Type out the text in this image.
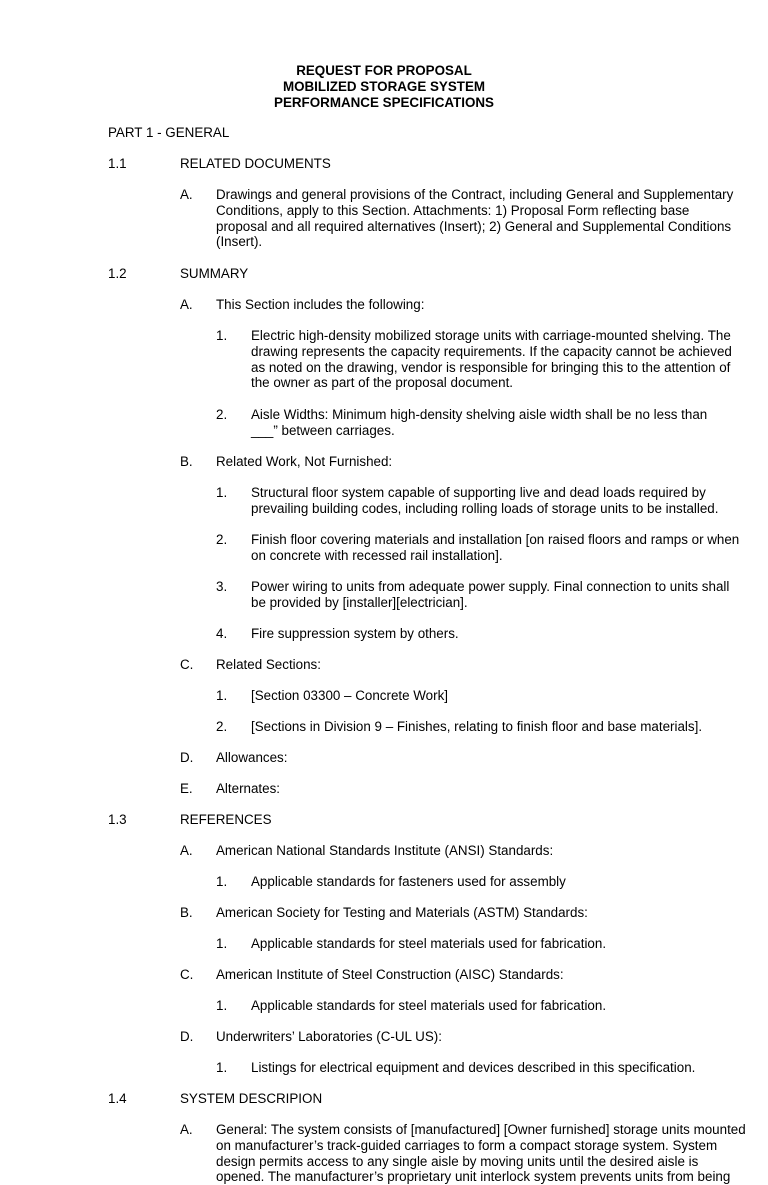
REQUEST FOR PROPOSAL
MOBILIZED STORAGE SYSTEM
PERFORMANCE SPECIFICATIONS
PART 1 - GENERAL
1.1	RELATED DOCUMENTS
A. Drawings and general provisions of the Contract, including General and Supplementary
Conditions, apply to this Section. Attachments: 1) Proposal Form reflecting base
proposal and all required alternatives (Insert); 2) General and Supplemental Conditions
(Insert).
1.2	SUMMARY
A. This Section includes the following:
1. Electric high-density mobilized storage units with carriage-mounted shelving. The
drawing represents the capacity requirements. If the capacity cannot be achieved
as noted on the drawing, vendor is responsible for bringing this to the attention of
the owner as part of the proposal document.
2. Aisle Widths: Minimum high-density shelving aisle width shall be no less than
___” between carriages.
B. Related Work, Not Furnished:
1. Structural floor system capable of supporting live and dead loads required by
prevailing building codes, including rolling loads of storage units to be installed.
2. Finish floor covering materials and installation [on raised floors and ramps or when
on concrete with recessed rail installation].
3. Power wiring to units from adequate power supply. Final connection to units shall
be provided by [installer][electrician].
4. Fire suppression system by others.
C. Related Sections:
1. [Section 03300 – Concrete Work]
2. [Sections in Division 9 – Finishes, relating to finish floor and base materials].
D. Allowances:
E. Alternates:
1.3	REFERENCES
A. American National Standards Institute (ANSI) Standards:
1. Applicable standards for fasteners used for assembly
B. American Society for Testing and Materials (ASTM) Standards:
1. Applicable standards for steel materials used for fabrication.
C. American Institute of Steel Construction (AISC) Standards:
1. Applicable standards for steel materials used for fabrication.
D. Underwriters’ Laboratories (C-UL US):
1. Listings for electrical equipment and devices described in this specification.
1.4	SYSTEM DESCRIPION
A. General: The system consists of [manufactured] [Owner furnished] storage units mounted
on manufacturer’s track-guided carriages to form a compact storage system. System
design permits access to any single aisle by moving units until the desired aisle is
opened. The manufacturer’s proprietary unit interlock system prevents units from being
